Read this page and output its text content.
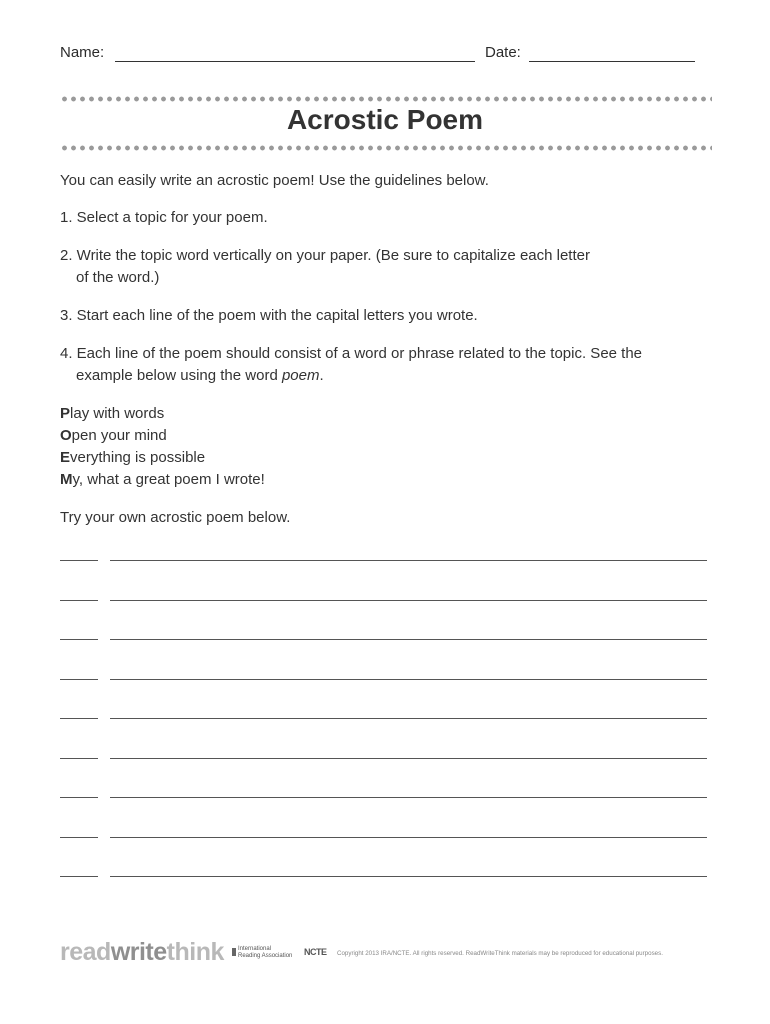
Name:	Date:
Acrostic Poem
You can easily write an acrostic poem! Use the guidelines below.
1. Select a topic for your poem.
2. Write the topic word vertically on your paper. (Be sure to capitalize each letter
of the word.)
3. Start each line of the poem with the capital letters you wrote.
4. Each line of the poem should consist of a word or phrase related to the topic. See the
example below using the word poem.
Play with words
Open your mind
Everything is possible
My, what a great poem I wrote!
Try your own acrostic poem below.
readwritethink International
Reading Association NCTE Copyright 2013 IRA/NCTE. All rights reserved. ReadWriteThink materials may be reproduced for educational purposes.
